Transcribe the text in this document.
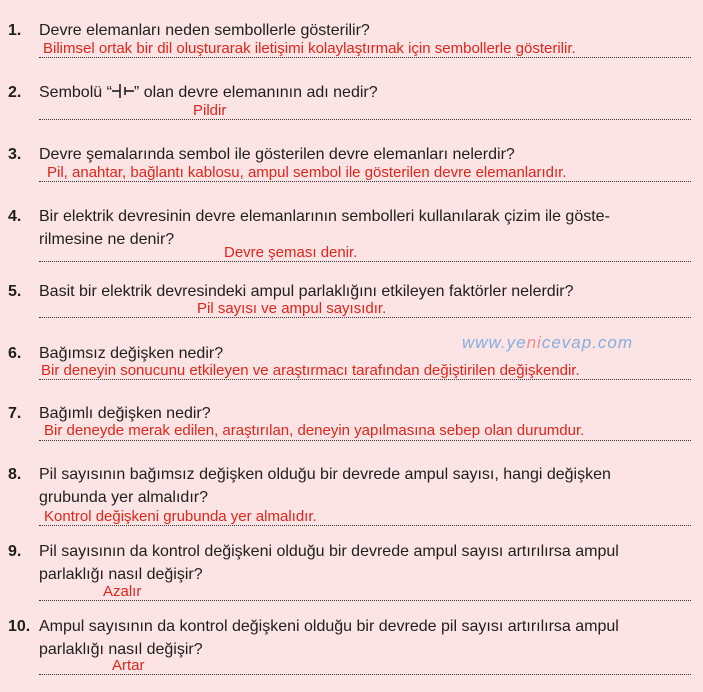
www.yenicevap.com
1.	Devre elemanları neden sembollerle gösterilir?
Bilimsel ortak bir dil oluşturarak iletişimi kolaylaştırmak için sembollerle gösterilir.
2.	Sembolü “ ” olan devre elemanının adı nedir?
Pildir
3.	Devre şemalarında sembol ile gösterilen devre elemanları nelerdir?
Pil, anahtar, bağlantı kablosu, ampul sembol ile gösterilen devre elemanlarıdır.
4.	Bir elektrik devresinin devre elemanlarının sembolleri kullanılarak çizim ile göste-
rilmesine ne denir?
Devre şeması denir.
5.	Basit bir elektrik devresindeki ampul parlaklığını etkileyen faktörler nelerdir?
Pil sayısı ve ampul sayısıdır.
6.	Bağımsız değişken nedir?
Bir deneyin sonucunu etkileyen ve araştırmacı tarafından değiştirilen değişkendir.
7.	Bağımlı değişken nedir?
Bir deneyde merak edilen, araştırılan, deneyin yapılmasına sebep olan durumdur.
8.	Pil sayısının bağımsız değişken olduğu bir devrede ampul sayısı, hangi değişken
grubunda yer almalıdır?
Kontrol değişkeni grubunda yer almalıdır.
9.	Pil sayısının da kontrol değişkeni olduğu bir devrede ampul sayısı artırılırsa ampul
parlaklığı nasıl değişir?
Azalır
10. Ampul sayısının da kontrol değişkeni olduğu bir devrede pil sayısı artırılırsa ampul
parlaklığı nasıl değişir?
Artar
